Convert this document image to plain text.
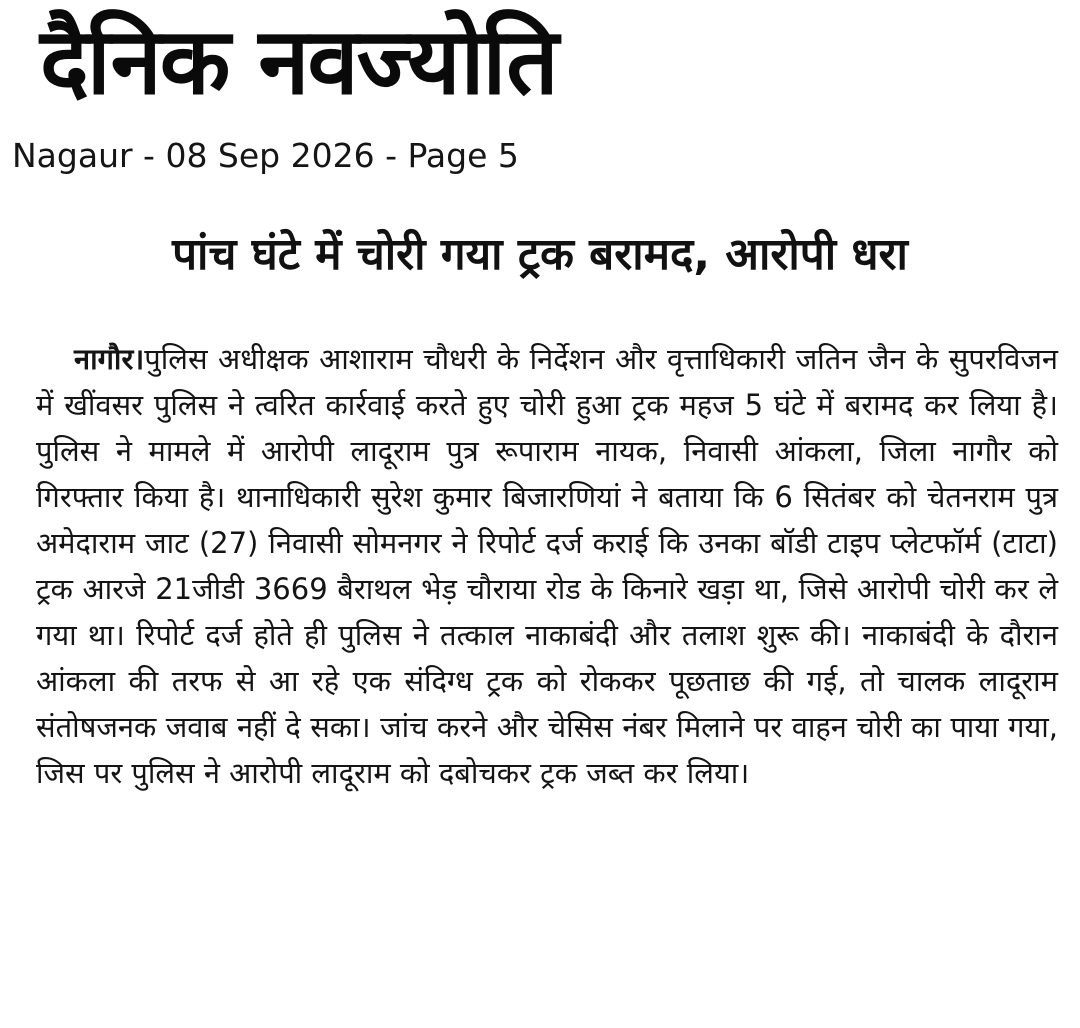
दैनिक नवज्योति
Nagaur - 08 Sep 2026 - Page 5
पांच घंटे में चोरी गया ट्रक बरामद, आरोपी धरा

नागौर।पुलिस अधीक्षक आशाराम चौधरी के निर्देशन और वृत्ताधिकारी जतिन जैन के सुपरविजन में खींवसर पुलिस ने त्वरित कार्रवाई करते हुए चोरी हुआ ट्रक महज 5 घंटे में बरामद कर लिया है। पुलिस ने मामले में आरोपी लादूराम पुत्र रूपाराम नायक, निवासी आंकला, जिला नागौर को गिरफ्तार किया है। थानाधिकारी सुरेश कुमार बिजारणियां ने बताया कि 6 सितंबर को चेतनराम पुत्र अमेदाराम जाट (27) निवासी सोमनगर ने रिपोर्ट दर्ज कराई कि उनका बॉडी टाइप प्लेटफॉर्म (टाटा) ट्रक आरजे 21जीडी 3669 बैराथल भेड़ चौराया रोड के किनारे खड़ा था, जिसे आरोपी चोरी कर ले गया था। रिपोर्ट दर्ज होते ही पुलिस ने तत्काल नाकाबंदी और तलाश शुरू की। नाकाबंदी के दौरान आंकला की तरफ से आ रहे एक संदिग्ध ट्रक को रोककर पूछताछ की गई, तो चालक लादूराम संतोषजनक जवाब नहीं दे सका। जांच करने और चेसिस नंबर मिलाने पर वाहन चोरी का पाया गया, जिस पर पुलिस ने आरोपी लादूराम को दबोचकर ट्रक जब्त कर लिया।
